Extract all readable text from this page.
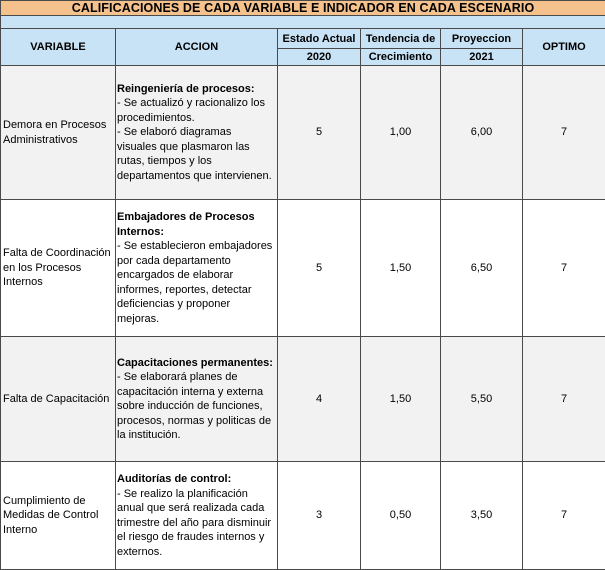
CALIFICACIONES DE CADA VARIABLE E INDICADOR EN CADA ESCENARIO					

VARIABLE	ACCION	Estado Actual	Tendencia de	Proyeccion	OPTIMO
		2020	Crecimiento	2021	
Demora en Procesos Administrativos	Reingeniería de procesos:
- Se actualizó y racionalizo los procedimientos.
- Se elaboró diagramas visuales que plasmaron las rutas, tiempos y los departamentos que intervienen.	5	1,00	6,00	7
Falta de Coordinación en los Procesos Internos	Embajadores de Procesos Internos:
- Se establecieron embajadores por cada departamento encargados de elaborar informes, reportes, detectar deficiencias y proponer mejoras.	5	1,50	6,50	7
Falta de Capacitación	Capacitaciones permanentes:
- Se elaborará planes de capacitación interna y externa sobre inducción de funciones, procesos, normas y politicas de la institución.	4	1,50	5,50	7
Cumplimiento de Medidas de Control Interno	Auditorías de control:
- Se realizo la planificación anual que será realizada cada trimestre del año para disminuir el riesgo de fraudes internos y externos.	3	0,50	3,50	7
